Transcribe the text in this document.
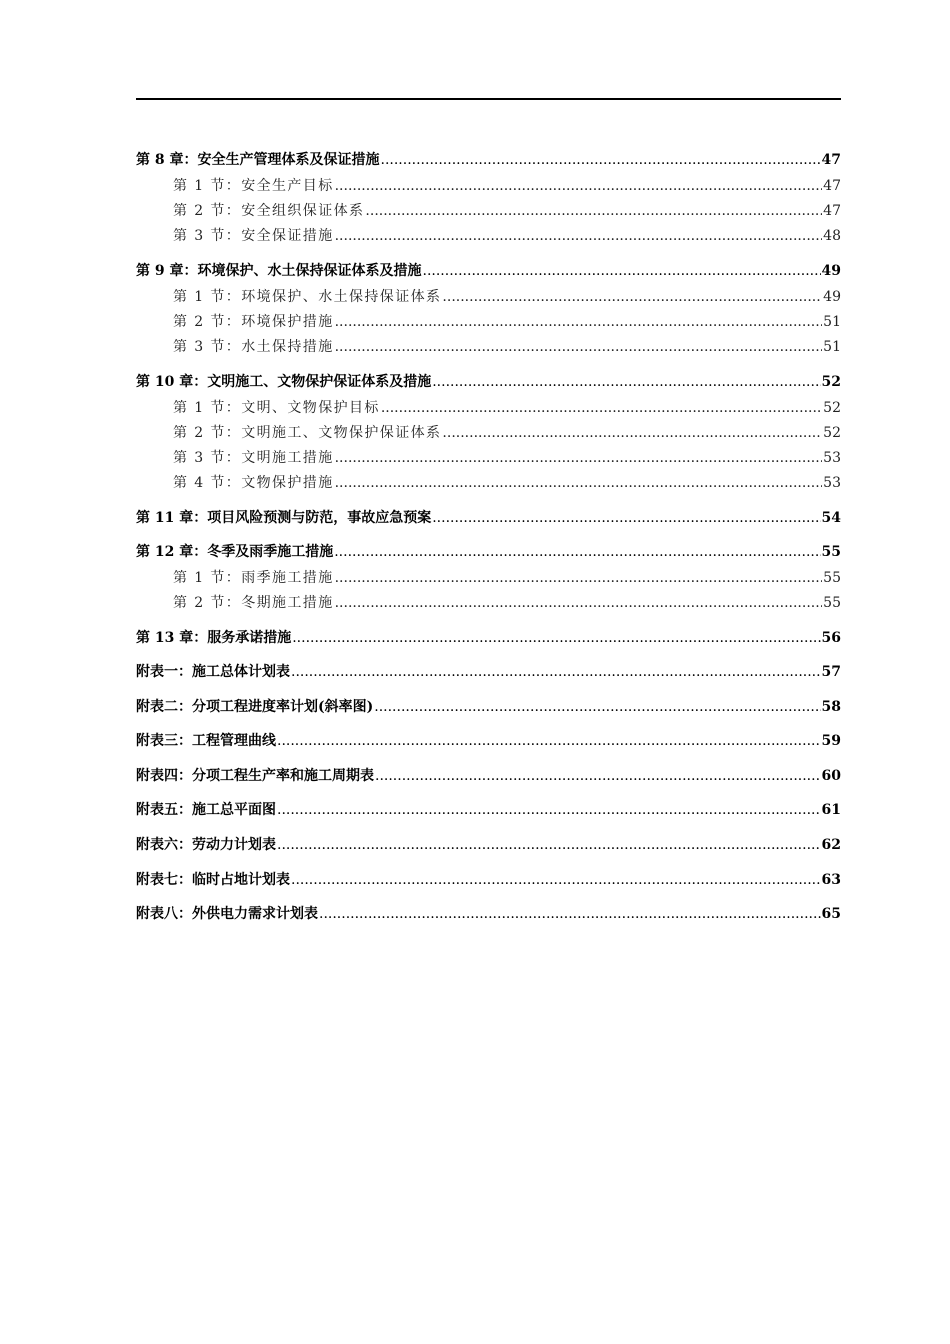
第 8 章：安全生产管理体系及保证措施 .....	47
第 1 节：安全生产目标 .....	47
第 2 节：安全组织保证体系 .....	47
第 3 节：安全保证措施 .....	48
第 9 章：环境保护、水土保持保证体系及措施 .....	49
第 1 节：环境保护、水土保持保证体系 .....	49
第 2 节：环境保护措施 .....	51
第 3 节：水土保持措施 .....	51
第 10 章：文明施工、文物保护保证体系及措施 .....	52
第 1 节：文明、文物保护目标 .....	52
第 2 节：文明施工、文物保护保证体系 .....	52
第 3 节：文明施工措施 .....	53
第 4 节：文物保护措施 .....	53
第 11 章：项目风险预测与防范，事故应急预案 .....	54
第 12 章：冬季及雨季施工措施 .....	55
第 1 节：雨季施工措施 .....	55
第 2 节：冬期施工措施 .....	55
第 13 章：服务承诺措施 .....	56
附表一：施工总体计划表 .....	57
附表二：分项工程进度率计划(斜率图) .....	58
附表三：工程管理曲线 .....	59
附表四：分项工程生产率和施工周期表 .....	60
附表五：施工总平面图 .....	61
附表六：劳动力计划表 .....	62
附表七：临时占地计划表 .....	63
附表八：外供电力需求计划表 .....	65
